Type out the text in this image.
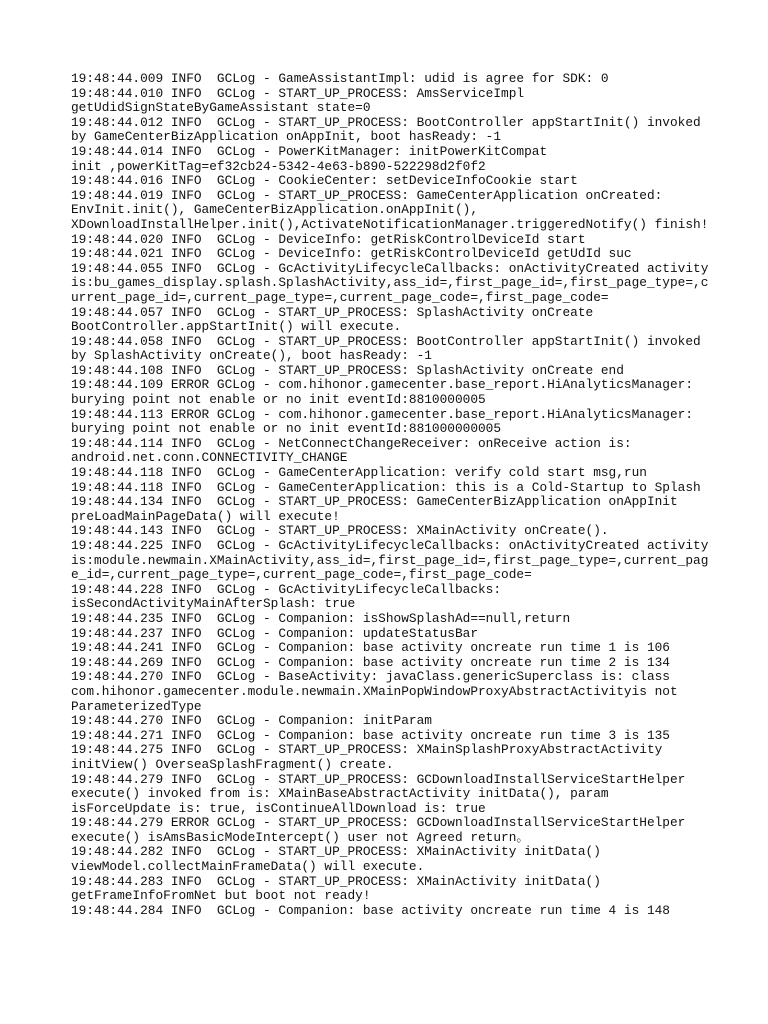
19:48:44.009 INFO  GCLog - GameAssistantImpl: udid is agree for SDK: 0
19:48:44.010 INFO  GCLog - START_UP_PROCESS: AmsServiceImpl
getUdidSignStateByGameAssistant state=0
19:48:44.012 INFO  GCLog - START_UP_PROCESS: BootController appStartInit() invoked
by GameCenterBizApplication onAppInit, boot hasReady: -1
19:48:44.014 INFO  GCLog - PowerKitManager: initPowerKitCompat
init ,powerKitTag=ef32cb24-5342-4e63-b890-522298d2f0f2
19:48:44.016 INFO  GCLog - CookieCenter: setDeviceInfoCookie start
19:48:44.019 INFO  GCLog - START_UP_PROCESS: GameCenterApplication onCreated:
EnvInit.init(), GameCenterBizApplication.onAppInit(),
XDownloadInstallHelper.init(),ActivateNotificationManager.triggeredNotify() finish!
19:48:44.020 INFO  GCLog - DeviceInfo: getRiskControlDeviceId start
19:48:44.021 INFO  GCLog - DeviceInfo: getRiskControlDeviceId getUdId suc
19:48:44.055 INFO  GCLog - GcActivityLifecycleCallbacks: onActivityCreated activity
is:bu_games_display.splash.SplashActivity,ass_id=,first_page_id=,first_page_type=,c
urrent_page_id=,current_page_type=,current_page_code=,first_page_code=
19:48:44.057 INFO  GCLog - START_UP_PROCESS: SplashActivity onCreate
BootController.appStartInit() will execute.
19:48:44.058 INFO  GCLog - START_UP_PROCESS: BootController appStartInit() invoked
by SplashActivity onCreate(), boot hasReady: -1
19:48:44.108 INFO  GCLog - START_UP_PROCESS: SplashActivity onCreate end
19:48:44.109 ERROR GCLog - com.hihonor.gamecenter.base_report.HiAnalyticsManager:
burying point not enable or no init eventId:8810000005
19:48:44.113 ERROR GCLog - com.hihonor.gamecenter.base_report.HiAnalyticsManager:
burying point not enable or no init eventId:881000000005
19:48:44.114 INFO  GCLog - NetConnectChangeReceiver: onReceive action is:
android.net.conn.CONNECTIVITY_CHANGE
19:48:44.118 INFO  GCLog - GameCenterApplication: verify cold start msg,run
19:48:44.118 INFO  GCLog - GameCenterApplication: this is a Cold-Startup to Splash
19:48:44.134 INFO  GCLog - START_UP_PROCESS: GameCenterBizApplication onAppInit
preLoadMainPageData() will execute!
19:48:44.143 INFO  GCLog - START_UP_PROCESS: XMainActivity onCreate().
19:48:44.225 INFO  GCLog - GcActivityLifecycleCallbacks: onActivityCreated activity
is:module.newmain.XMainActivity,ass_id=,first_page_id=,first_page_type=,current_pag
e_id=,current_page_type=,current_page_code=,first_page_code=
19:48:44.228 INFO  GCLog - GcActivityLifecycleCallbacks:
isSecondActivityMainAfterSplash: true
19:48:44.235 INFO  GCLog - Companion: isShowSplashAd==null,return
19:48:44.237 INFO  GCLog - Companion: updateStatusBar
19:48:44.241 INFO  GCLog - Companion: base activity oncreate run time 1 is 106
19:48:44.269 INFO  GCLog - Companion: base activity oncreate run time 2 is 134
19:48:44.270 INFO  GCLog - BaseActivity: javaClass.genericSuperclass is: class
com.hihonor.gamecenter.module.newmain.XMainPopWindowProxyAbstractActivityis not
ParameterizedType
19:48:44.270 INFO  GCLog - Companion: initParam
19:48:44.271 INFO  GCLog - Companion: base activity oncreate run time 3 is 135
19:48:44.275 INFO  GCLog - START_UP_PROCESS: XMainSplashProxyAbstractActivity
initView() OverseaSplashFragment() create.
19:48:44.279 INFO  GCLog - START_UP_PROCESS: GCDownloadInstallServiceStartHelper
execute() invoked from is: XMainBaseAbstractActivity initData(), param
isForceUpdate is: true, isContinueAllDownload is: true
19:48:44.279 ERROR GCLog - START_UP_PROCESS: GCDownloadInstallServiceStartHelper
execute() isAmsBasicModeIntercept() user not Agreed return。
19:48:44.282 INFO  GCLog - START_UP_PROCESS: XMainActivity initData()
viewModel.collectMainFrameData() will execute.
19:48:44.283 INFO  GCLog - START_UP_PROCESS: XMainActivity initData()
getFrameInfoFromNet but boot not ready!
19:48:44.284 INFO  GCLog - Companion: base activity oncreate run time 4 is 148
